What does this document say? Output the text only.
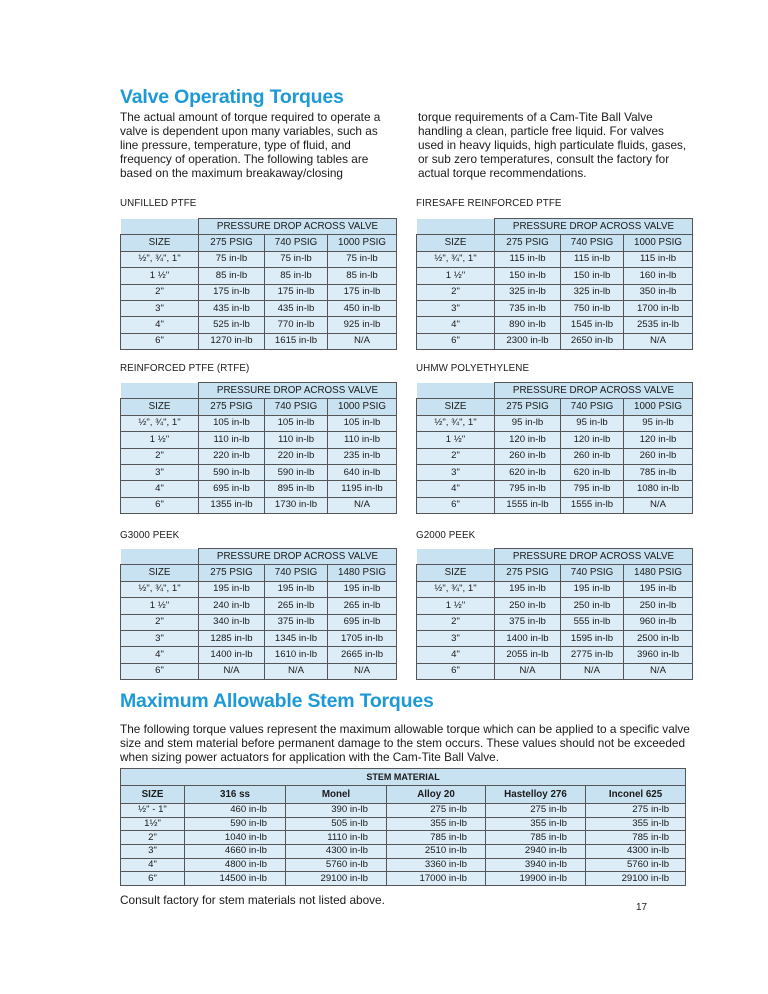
Valve Operating Torques
The actual amount of torque required to operate a valve is dependent upon many variables, such as line pressure, temperature, type of fluid, and frequency of operation. The following tables are based on the maximum breakaway/closing
torque requirements of a Cam-Tite Ball Valve handling a clean, particle free liquid. For valves used in heavy liquids, high particulate fluids, gases, or sub zero temperatures, consult the factory for actual torque recommendations.
UNFILLED PTFE
	PRESSURE DROP ACROSS VALVE		
SIZE	275 PSIG	740 PSIG	1000 PSIG
½", ¾", 1"	75 in-lb	75 in-lb	75 in-lb
1 ½"	85 in-lb	85 in-lb	85 in-lb
2"	175 in-lb	175 in-lb	175 in-lb
3"	435 in-lb	435 in-lb	450 in-lb
4"	525 in-lb	770 in-lb	925 in-lb
6"	1270 in-lb	1615 in-lb	N/A
FIRESAFE REINFORCED PTFE
	PRESSURE DROP ACROSS VALVE		
SIZE	275 PSIG	740 PSIG	1000 PSIG
½", ¾", 1"	115 in-lb	115 in-lb	115 in-lb
1 ½"	150 in-lb	150 in-lb	160 in-lb
2"	325 in-lb	325 in-lb	350 in-lb
3"	735 in-lb	750 in-lb	1700 in-lb
4"	890 in-lb	1545 in-lb	2535 in-lb
6"	2300 in-lb	2650 in-lb	N/A
REINFORCED PTFE (RTFE)
	PRESSURE DROP ACROSS VALVE		
SIZE	275 PSIG	740 PSIG	1000 PSIG
½", ¾", 1"	105 in-lb	105 in-lb	105 in-lb
1 ½"	110 in-lb	110 in-lb	110 in-lb
2"	220 in-lb	220 in-lb	235 in-lb
3"	590 in-lb	590 in-lb	640 in-lb
4"	695 in-lb	895 in-lb	1195 in-lb
6"	1355 in-lb	1730 in-lb	N/A
UHMW POLYETHYLENE
	PRESSURE DROP ACROSS VALVE		
SIZE	275 PSIG	740 PSIG	1000 PSIG
½", ¾", 1"	95 in-lb	95 in-lb	95 in-lb
1 ½"	120 in-lb	120 in-lb	120 in-lb
2"	260 in-lb	260 in-lb	260 in-lb
3"	620 in-lb	620 in-lb	785 in-lb
4"	795 in-lb	795 in-lb	1080 in-lb
6"	1555 in-lb	1555 in-lb	N/A
G3000 PEEK
	PRESSURE DROP ACROSS VALVE		
SIZE	275 PSIG	740 PSIG	1480 PSIG
½", ¾", 1"	195 in-lb	195 in-lb	195 in-lb
1 ½"	240 in-lb	265 in-lb	265 in-lb
2"	340 in-lb	375 in-lb	695 in-lb
3"	1285 in-lb	1345 in-lb	1705 in-lb
4"	1400 in-lb	1610 in-lb	2665 in-lb
6"	N/A	N/A	N/A
G2000 PEEK
	PRESSURE DROP ACROSS VALVE		
SIZE	275 PSIG	740 PSIG	1480 PSIG
½", ¾", 1"	195 in-lb	195 in-lb	195 in-lb
1 ½"	250 in-lb	250 in-lb	250 in-lb
2"	375 in-lb	555 in-lb	960 in-lb
3"	1400 in-lb	1595 in-lb	2500 in-lb
4"	2055 in-lb	2775 in-lb	3960 in-lb
6"	N/A	N/A	N/A
Maximum Allowable Stem Torques
The following torque values represent the maximum allowable torque which can be applied to a specific valve size and stem material before permanent damage to the stem occurs. These values should not be exceeded when sizing power actuators for application with the Cam-Tite Ball Valve.
STEM MATERIAL					
SIZE	316 ss	Monel	Alloy 20	Hastelloy 276	Inconel 625
½" - 1"	460 in-lb	390 in-lb	275 in-lb	275 in-lb	275 in-lb
1½"	590 in-lb	505 in-lb	355 in-lb	355 in-lb	355 in-lb
2"	1040 in-lb	1110 in-lb	785 in-lb	785 in-lb	785 in-lb
3"	4660 in-lb	4300 in-lb	2510 in-lb	2940 in-lb	4300 in-lb
4"	4800 in-lb	5760 in-lb	3360 in-lb	3940 in-lb	5760 in-lb
6"	14500 in-lb	29100 in-lb	17000 in-lb	19900 in-lb	29100 in-lb
Consult factory for stem materials not listed above.
17
